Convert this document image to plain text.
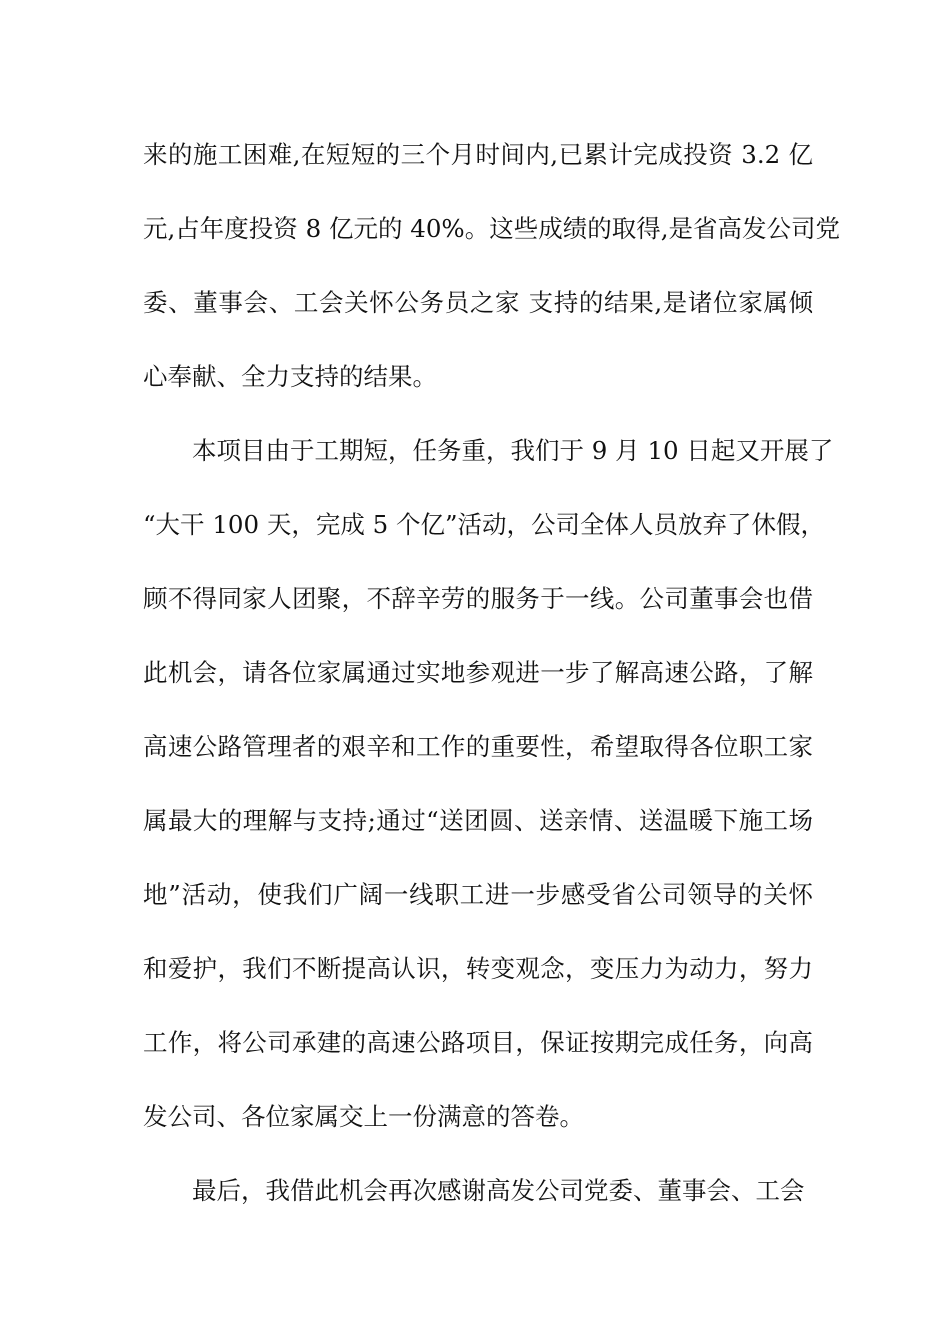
来的施工困难,在短短的三个月时间内,已累计完成投资 3.2 亿
元,占年度投资 8 亿元的 40%。这些成绩的取得,是省高发公司党
委、董事会、工会关怀公务员之家 支持的结果,是诸位家属倾
心奉献、全力支持的结果。
本项目由于工期短，任务重，我们于 9 月 10 日起又开展了
“大干 100 天，完成 5 个亿”活动，公司全体人员放弃了休假，
顾不得同家人团聚，不辞辛劳的服务于一线。公司董事会也借
此机会，请各位家属通过实地参观进一步了解高速公路，了解
高速公路管理者的艰辛和工作的重要性，希望取得各位职工家
属最大的理解与支持;通过“送团圆、送亲情、送温暖下施工场
地”活动，使我们广阔一线职工进一步感受省公司领导的关怀
和爱护，我们不断提高认识，转变观念，变压力为动力，努力
工作，将公司承建的高速公路项目，保证按期完成任务，向高
发公司、各位家属交上一份满意的答卷。
最后，我借此机会再次感谢高发公司党委、董事会、工会
